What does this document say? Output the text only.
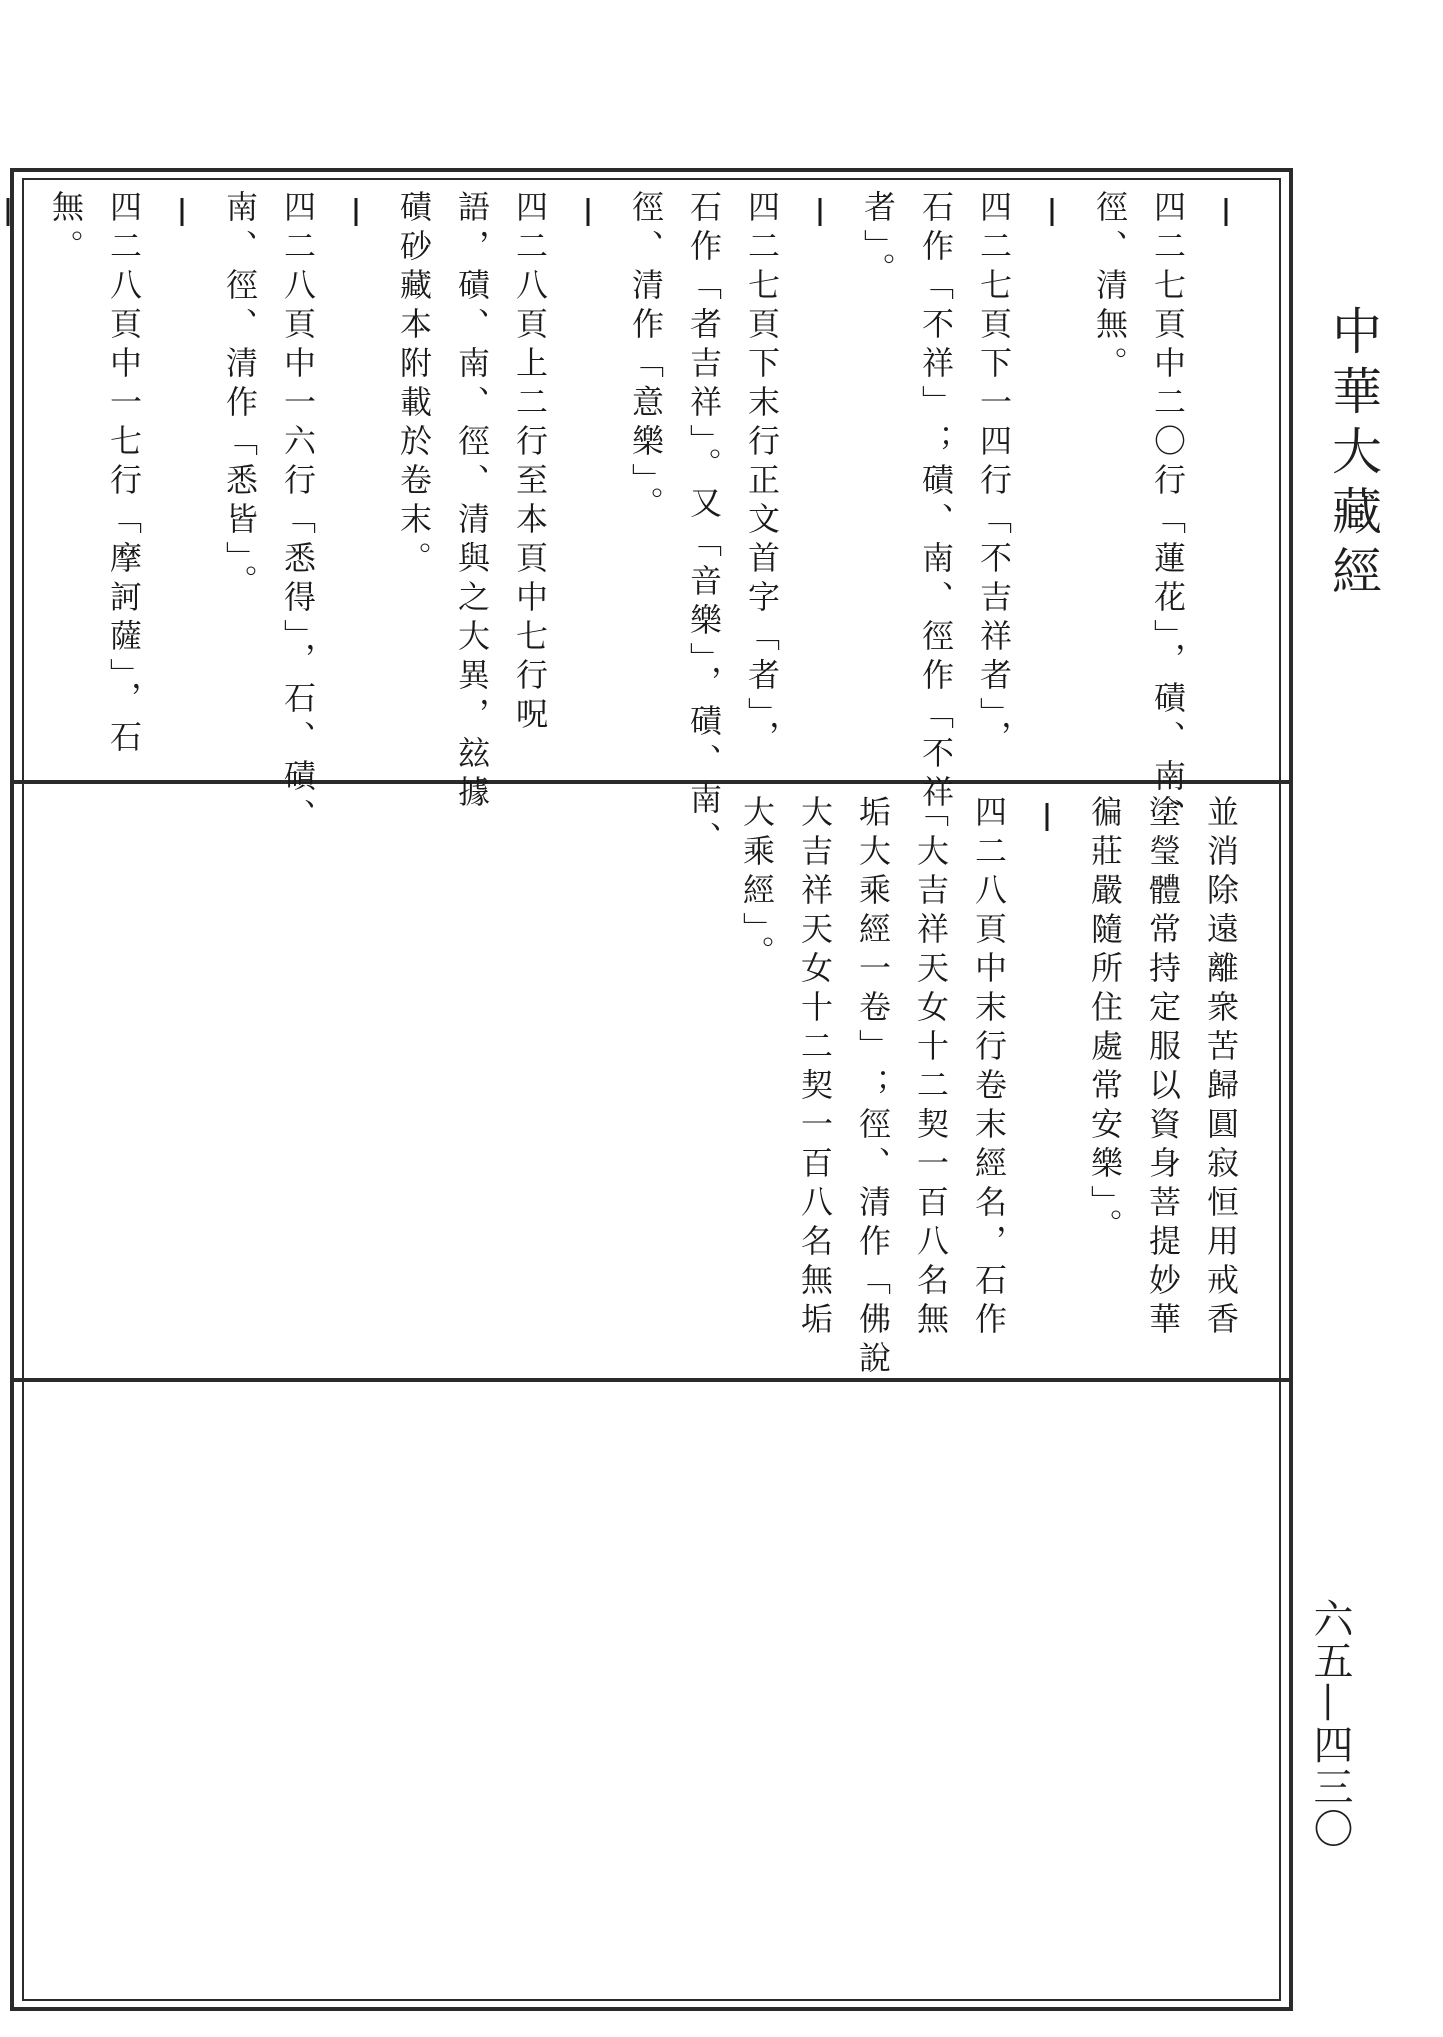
中華大藏經
六五—四三〇
四二七頁中二〇行「蓮花」，磧、南、
徑、清無。
四二七頁下一四行「不吉祥者」，
石作「不祥」；磧、南、徑作「不祥
者」。
四二七頁下末行正文首字「者」，
石作「者吉祥」。又「音樂」，磧、南、
徑、清作「意樂」。
四二八頁上二行至本頁中七行呪
語，磧、南、徑、清與之大異，玆據
磧砂藏本附載於卷末。
四二八頁中一六行「悉得」，石、磧、
南、徑、清作「悉皆」。
四二八頁中一七行「摩訶薩」，石
無。
並消除遠離衆苦歸圓寂恒用戒香
塗瑩體常持定服以資身菩提妙華
徧莊嚴隨所住處常安樂」。
四二八頁中末行卷末經名，石作
「大吉祥天女十二契一百八名無
垢大乘經一卷」；徑、清作「佛說
大吉祥天女十二契一百八名無垢
大乘經」。
